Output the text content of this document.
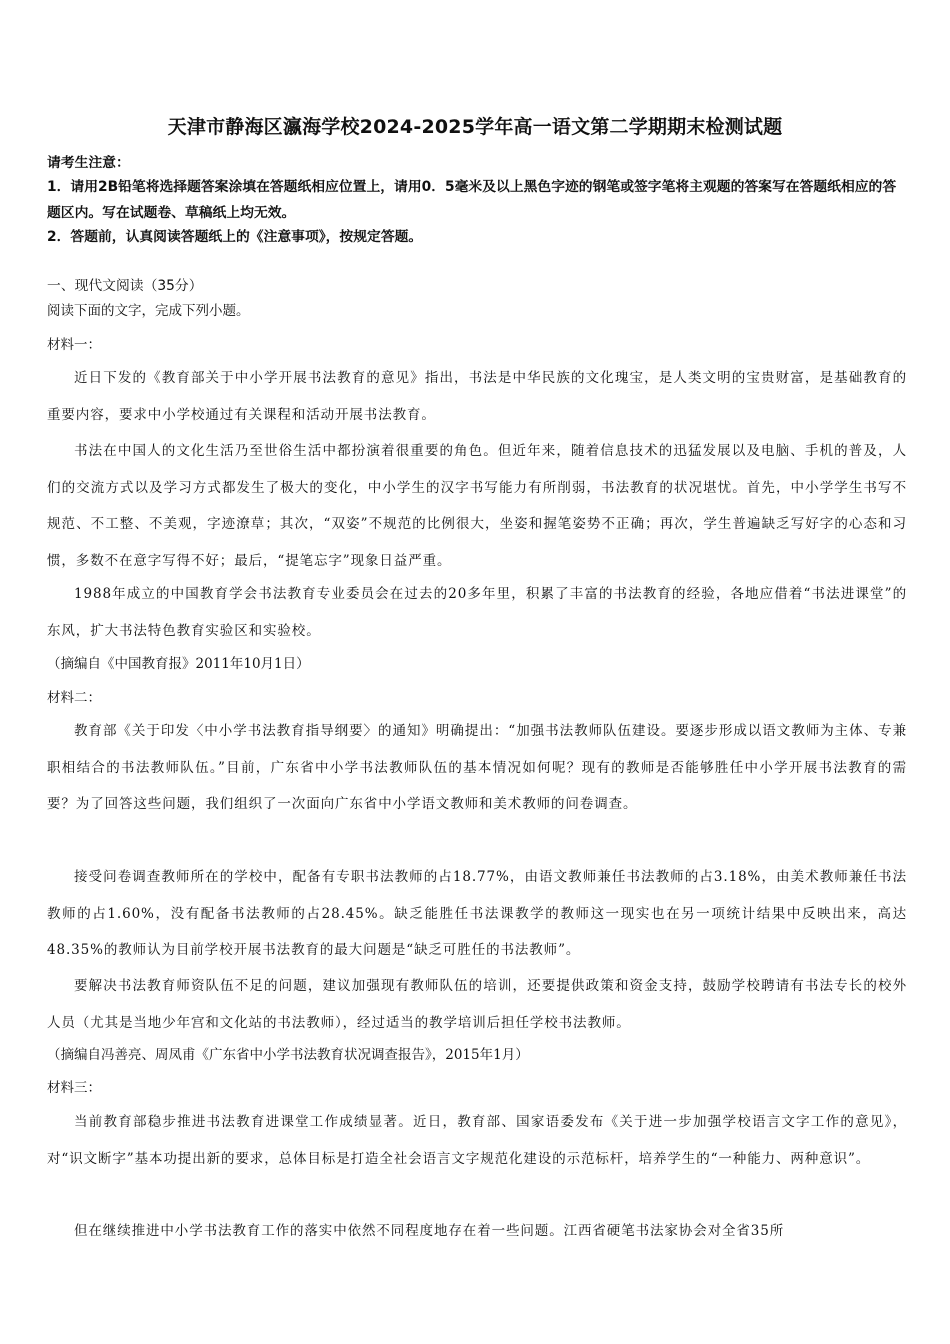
天津市静海区瀛海学校2024-2025学年高一语文第二学期期末检测试题
请考生注意：
1．请用2B铅笔将选择题答案涂填在答题纸相应位置上，请用0．5毫米及以上黑色字迹的钢笔或签字笔将主观题的答案写在答题纸相应的答题区内。写在试题卷、草稿纸上均无效。
2．答题前，认真阅读答题纸上的《注意事项》，按规定答题。
一、现代文阅读（35分）
阅读下面的文字，完成下列小题。
材料一：
近日下发的《教育部关于中小学开展书法教育的意见》指出，书法是中华民族的文化瑰宝，是人类文明的宝贵财富，是基础教育的重要内容，要求中小学校通过有关课程和活动开展书法教育。
书法在中国人的文化生活乃至世俗生活中都扮演着很重要的角色。但近年来，随着信息技术的迅猛发展以及电脑、手机的普及，人们的交流方式以及学习方式都发生了极大的变化，中小学生的汉字书写能力有所削弱，书法教育的状况堪忧。首先，中小学学生书写不规范、不工整、不美观，字迹潦草；其次，“双姿”不规范的比例很大，坐姿和握笔姿势不正确；再次，学生普遍缺乏写好字的心态和习惯，多数不在意字写得不好；最后，“提笔忘字”现象日益严重。
1988年成立的中国教育学会书法教育专业委员会在过去的20多年里，积累了丰富的书法教育的经验，各地应借着“书法进课堂”的东风，扩大书法特色教育实验区和实验校。
（摘编自《中国教育报》2011年10月1日）
材料二：
教育部《关于印发〈中小学书法教育指导纲要〉的通知》明确提出：“加强书法教师队伍建设。要逐步形成以语文教师为主体、专兼职相结合的书法教师队伍。”目前，广东省中小学书法教师队伍的基本情况如何呢？现有的教师是否能够胜任中小学开展书法教育的需要？为了回答这些问题，我们组织了一次面向广东省中小学语文教师和美术教师的问卷调查。
接受问卷调查教师所在的学校中，配备有专职书法教师的占18.77%，由语文教师兼任书法教师的占3.18%，由美术教师兼任书法教师的占1.60%，没有配备书法教师的占28.45%。缺乏能胜任书法课教学的教师这一现实也在另一项统计结果中反映出来，高达48.35%的教师认为目前学校开展书法教育的最大问题是“缺乏可胜任的书法教师”。
要解决书法教育师资队伍不足的问题，建议加强现有教师队伍的培训，还要提供政策和资金支持，鼓励学校聘请有书法专长的校外人员（尤其是当地少年宫和文化站的书法教师），经过适当的教学培训后担任学校书法教师。
（摘编自冯善亮、周凤甫《广东省中小学书法教育状况调查报告》，2015年1月）
材料三：
当前教育部稳步推进书法教育进课堂工作成绩显著。近日，教育部、国家语委发布《关于进一步加强学校语言文字工作的意见》，对“识文断字”基本功提出新的要求，总体目标是打造全社会语言文字规范化建设的示范标杆，培养学生的“一种能力、两种意识”。
但在继续推进中小学书法教育工作的落实中依然不同程度地存在着一些问题。江西省硬笔书法家协会对全省35所
